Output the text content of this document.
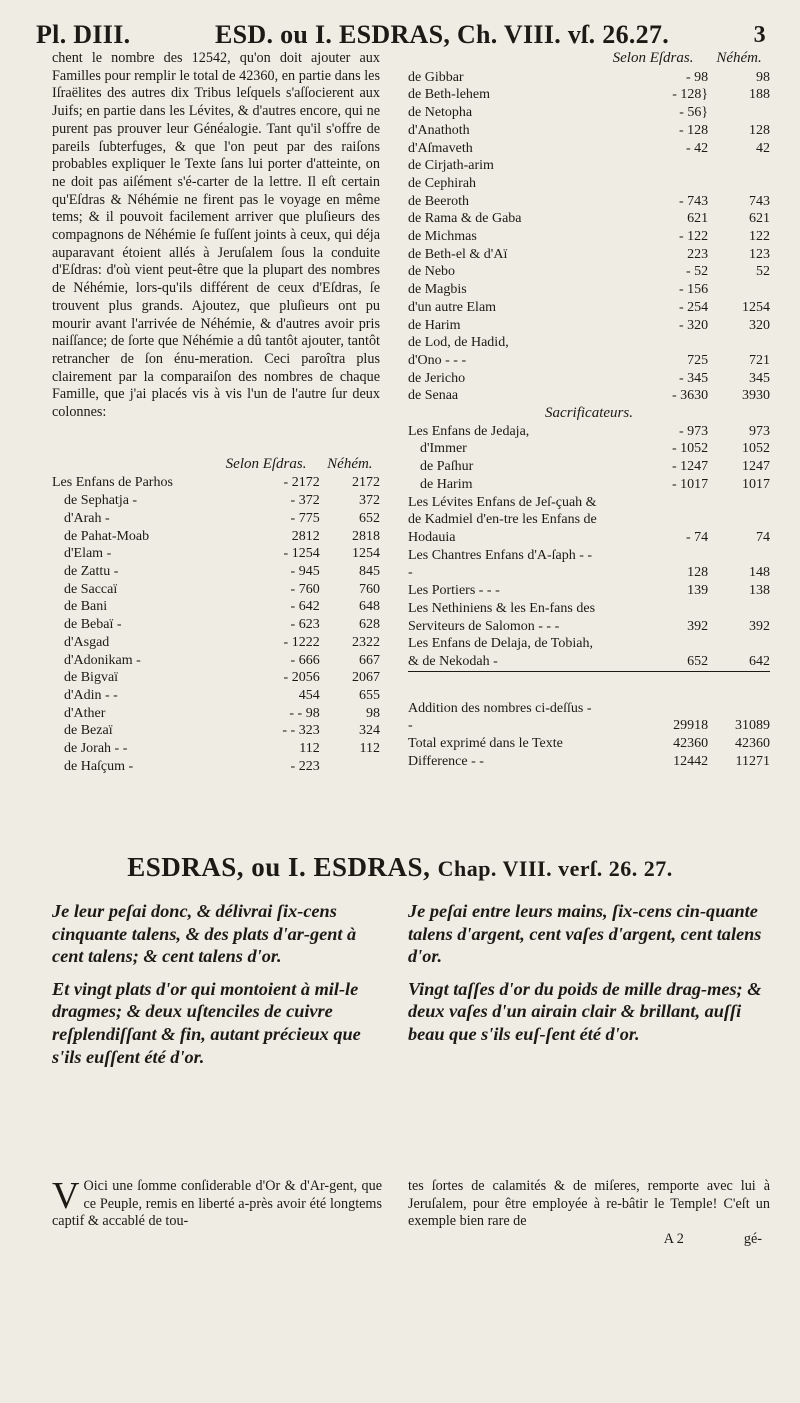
Pl. DIII.	ESD. ou I. ESDRAS, Ch. VIII. vſ. 26.27.	3

chent le nombre des 12542, qu'on doit ajouter aux Familles pour remplir le total de 42360, en partie dans les Iſraëlites des autres dix Tribus leſquels s'aſſocierent aux Juifs; en partie dans les Lévites, & d'autres encore, qui ne purent pas prouver leur Généalogie. Tant qu'il s'offre de pareils ſubterfuges, & que l'on peut par des raiſons probables expliquer le Texte ſans lui porter d'atteinte, on ne doit pas aiſément s'é-carter de la lettre. Il eſt certain qu'Eſdras & Néhémie ne firent pas le voyage en même tems; & il pouvoit facilement arriver que pluſieurs des compagnons de Néhémie ſe fuſſent joints à ceux, qui déja auparavant étoient allés à Jeruſalem ſous la conduite d'Eſdras: d'où vient peut-être que la plupart des nombres de Néhémie, lors-qu'ils différent de ceux d'Eſdras, ſe trouvent plus grands. Ajoutez, que pluſieurs ont pu mourir avant l'arrivée de Néhémie, & d'autres avoir pris naiſſance; de ſorte que Néhémie a dû tantôt ajouter, tantôt retrancher de ſon énu-meration. Ceci paroîtra plus clairement par la comparaiſon des nombres de chaque Famille, que j'ai placés vis à vis l'un de l'autre ſur deux colonnes:

	Selon Eſdras.	Néhém.
Les Enfans de Parhos	- 2172	2172
de Sephatja -	- 372	372
d'Arah -	- 775	652
de Pahat-Moab	2812	2818
d'Elam -	- 1254	1254
de Zattu -	- 945	845
de Saccaï	- 760	760
de Bani	- 642	648
de Bebaï -	- 623	628
d'Asgad	- 1222	2322
d'Adonikam -	- 666	667
de Bigvaï	- 2056	2067
d'Adin - -	454	655
d'Ather	- - 98	98
de Bezaï	- - 323	324
de Jorah - -	112	112
de Haſçum -	- 223	
	Selon Eſdras.	Néhém.
de Gibbar	- 98	98
de Beth-lehem	- 128}	188
de Netopha	- 56}	
d'Anathoth	- 128	128
d'Aſmaveth	- 42	42
de Cirjath-arim		
de Cephirah		
de Beeroth	- 743	743
de Rama & de Gaba	621	621
de Michmas	- 122	122
de Beth-el & d'Aï	223	123
de Nebo	- 52	52
de Magbis	- 156	
d'un autre Elam	- 254	1254
de Harim	- 320	320
de Lod, de Hadid,		
d'Ono - - -	725	721
de Jericho	- 345	345
de Senaa	- 3630	3930
Sacrificateurs.		
Les Enfans de Jedaja,	- 973	973
d'Immer	- 1052	1052
de Paſhur	- 1247	1247
de Harim	- 1017	1017
Les Lévites Enfans de Jeſ-çuah & de Kadmiel d'en-tre les Enfans de Hodauia	- 74	74
Les Chantres Enfans d'A-ſaph - - -	128	148
Les Portiers - - -	139	138
Les Nethiniens & les En-fans des Serviteurs de Salomon - - -	392	392
Les Enfans de Delaja, de Tobiah, & de Nekodah -	652	642
Addition des nombres ci-deſſus - -	29918	31089
Total exprimé dans le Texte	42360	42360
Difference - -	12442	11271
ESDRAS, ou I. ESDRAS, Chap. VIII. verſ. 26. 27.

Je leur peſai donc, & délivrai ſix-cens cinquante talens, & des plats d'ar-gent à cent talens; & cent talens d'or.

Et vingt plats d'or qui montoient à mil-le dragmes; & deux uſtenciles de cuivre reſplendiſſant & fin, autant précieux que s'ils euſſent été d'or.

Je peſai entre leurs mains, ſix-cens cin-quante talens d'argent, cent vaſes d'argent, cent talens d'or.

Vingt taſſes d'or du poids de mille drag-mes; & deux vaſes d'un airain clair & brillant, auſſi beau que s'ils euſ-ſent été d'or.

V Oici une ſomme conſiderable d'Or & d'Ar-gent, que ce Peuple, remis en liberté a-près avoir été longtems captif & accablé de tou-
tes ſortes de calamités & de miſeres, remporte avec lui à Jeruſalem, pour être employée à re-bâtir le Temple! C'eſt un exemple bien rare de
A 2	gé-
